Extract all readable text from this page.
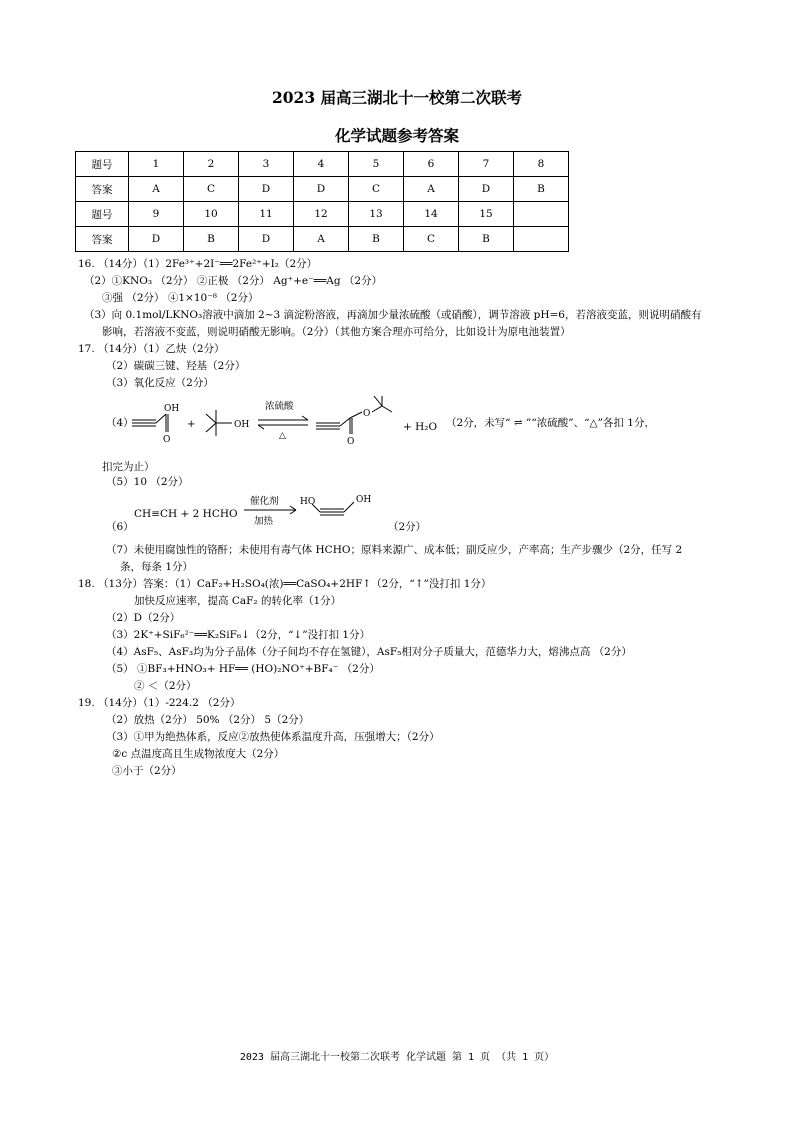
2023 届高三湖北十一校第二次联考
化学试题参考答案
题号	1	2	3	4	5	6	7	8
答案	A	C	D	D	C	A	D	B
题号	9	10	11	12	13	14	15	
答案	D	B	D	A	B	C	B	
16. （14分）（1）2Fe³⁺+2I⁻══2Fe²⁺+I₂（2分）
（2）①KNO₃ （2分） ②正极 （2分） Ag⁺+e⁻══Ag （2分）
③强 （2分） ④1×10⁻⁸ （2分）
（3）向 0.1mol/LKNO₃溶液中滴加 2~3 滴淀粉溶液，再滴加少量浓硫酸（或硝酸），调节溶液 pH=6，若溶液变蓝，则说明硝酸有
影响，若溶液不变蓝，则说明硝酸无影响。（2分）（其他方案合理亦可给分，比如设计为原电池装置）
17. （14分）（1）乙炔（2分）
（2）碳碳三键、羟基（2分）
（3）氧化反应（2分）
（4）
OH
O
+	OH
浓硫酸
△
O
O
+ H₂O （2分，未写“ ⇌ ”“浓硫酸”、“△”各扣 1分，
扣完为止）
（5）10 （2分）
（6）
CH≡CH + 2 HCHO
催化剂
加热
HO	OH
（2分）
（7）未使用腐蚀性的铬酐；未使用有毒气体 HCHO；原料来源广、成本低；副反应少，产率高；生产步骤少（2分，任写 2
条，每条 1分）
18. （13分）答案：（1）CaF₂+H₂SO₄(浓)══CaSO₄+2HF↑（2分，“↑”没打扣 1分）
加快反应速率，提高 CaF₂ 的转化率（1分）
（2）D（2分）
（3）2K⁺+SiF₆²⁻══K₂SiF₆↓（2分，“↓”没打扣 1分）
（4）AsF₅、AsF₃均为分子晶体（分子间均不存在氢键），AsF₅相对分子质量大，范德华力大，熔沸点高 （2分）
（5） ①BF₃+HNO₃+ HF══ (HO)₂NO⁺+BF₄⁻ （2分）
② ＜（2分）
19. （14分）（1）-224.2 （2分）
（2）放热（2分） 50% （2分） 5（2分）
（3）①甲为绝热体系，反应②放热使体系温度升高，压强增大；（2分）
②c 点温度高且生成物浓度大（2分）
③小于（2分）
2023 届高三湖北十一校第二次联考 化学试题 第 1 页 （共 1 页）
